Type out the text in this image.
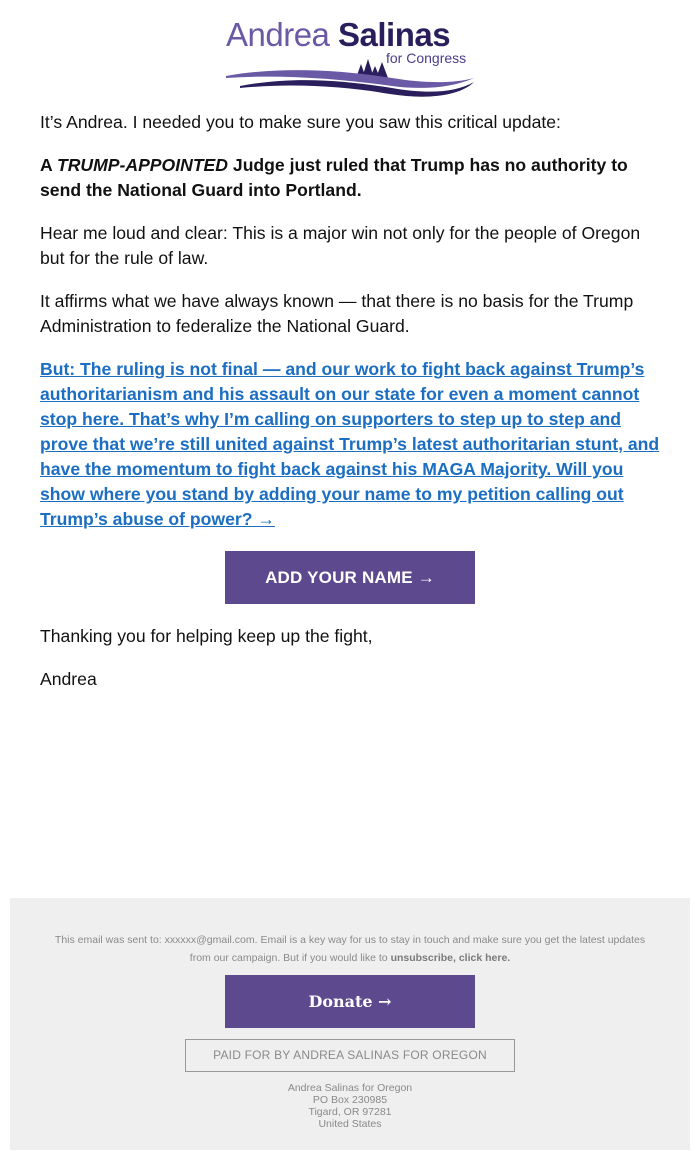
Andrea Salinas
for Congress

It’s Andrea. I needed you to make sure you saw this critical update:

A TRUMP-APPOINTED Judge just ruled that Trump has no authority to send the National Guard into Portland.

Hear me loud and clear: This is a major win not only for the people of Oregon but for the rule of law.

It affirms what we have always known — that there is no basis for the Trump Administration to federalize the National Guard.

But: The ruling is not final — and our work to fight back against Trump’s authoritarianism and his assault on our state for even a moment cannot stop here. That’s why I’m calling on supporters to step up to step and prove that we’re still united against Trump’s latest authoritarian stunt, and have the momentum to fight back against his MAGA Majority. Will you show where you stand by adding your name to my petition calling out Trump’s abuse of power? →
ADD YOUR NAME →

Thanking you for helping keep up the fight,

Andrea

This email was sent to: xxxxxx@gmail.com. Email is a key way for us to stay in touch and make sure you get the latest updates from our campaign. But if you would like to unsubscribe, click here.
Donate →
PAID FOR BY ANDREA SALINAS FOR OREGON
Andrea Salinas for Oregon
PO Box 230985
Tigard, OR 97281
United States
